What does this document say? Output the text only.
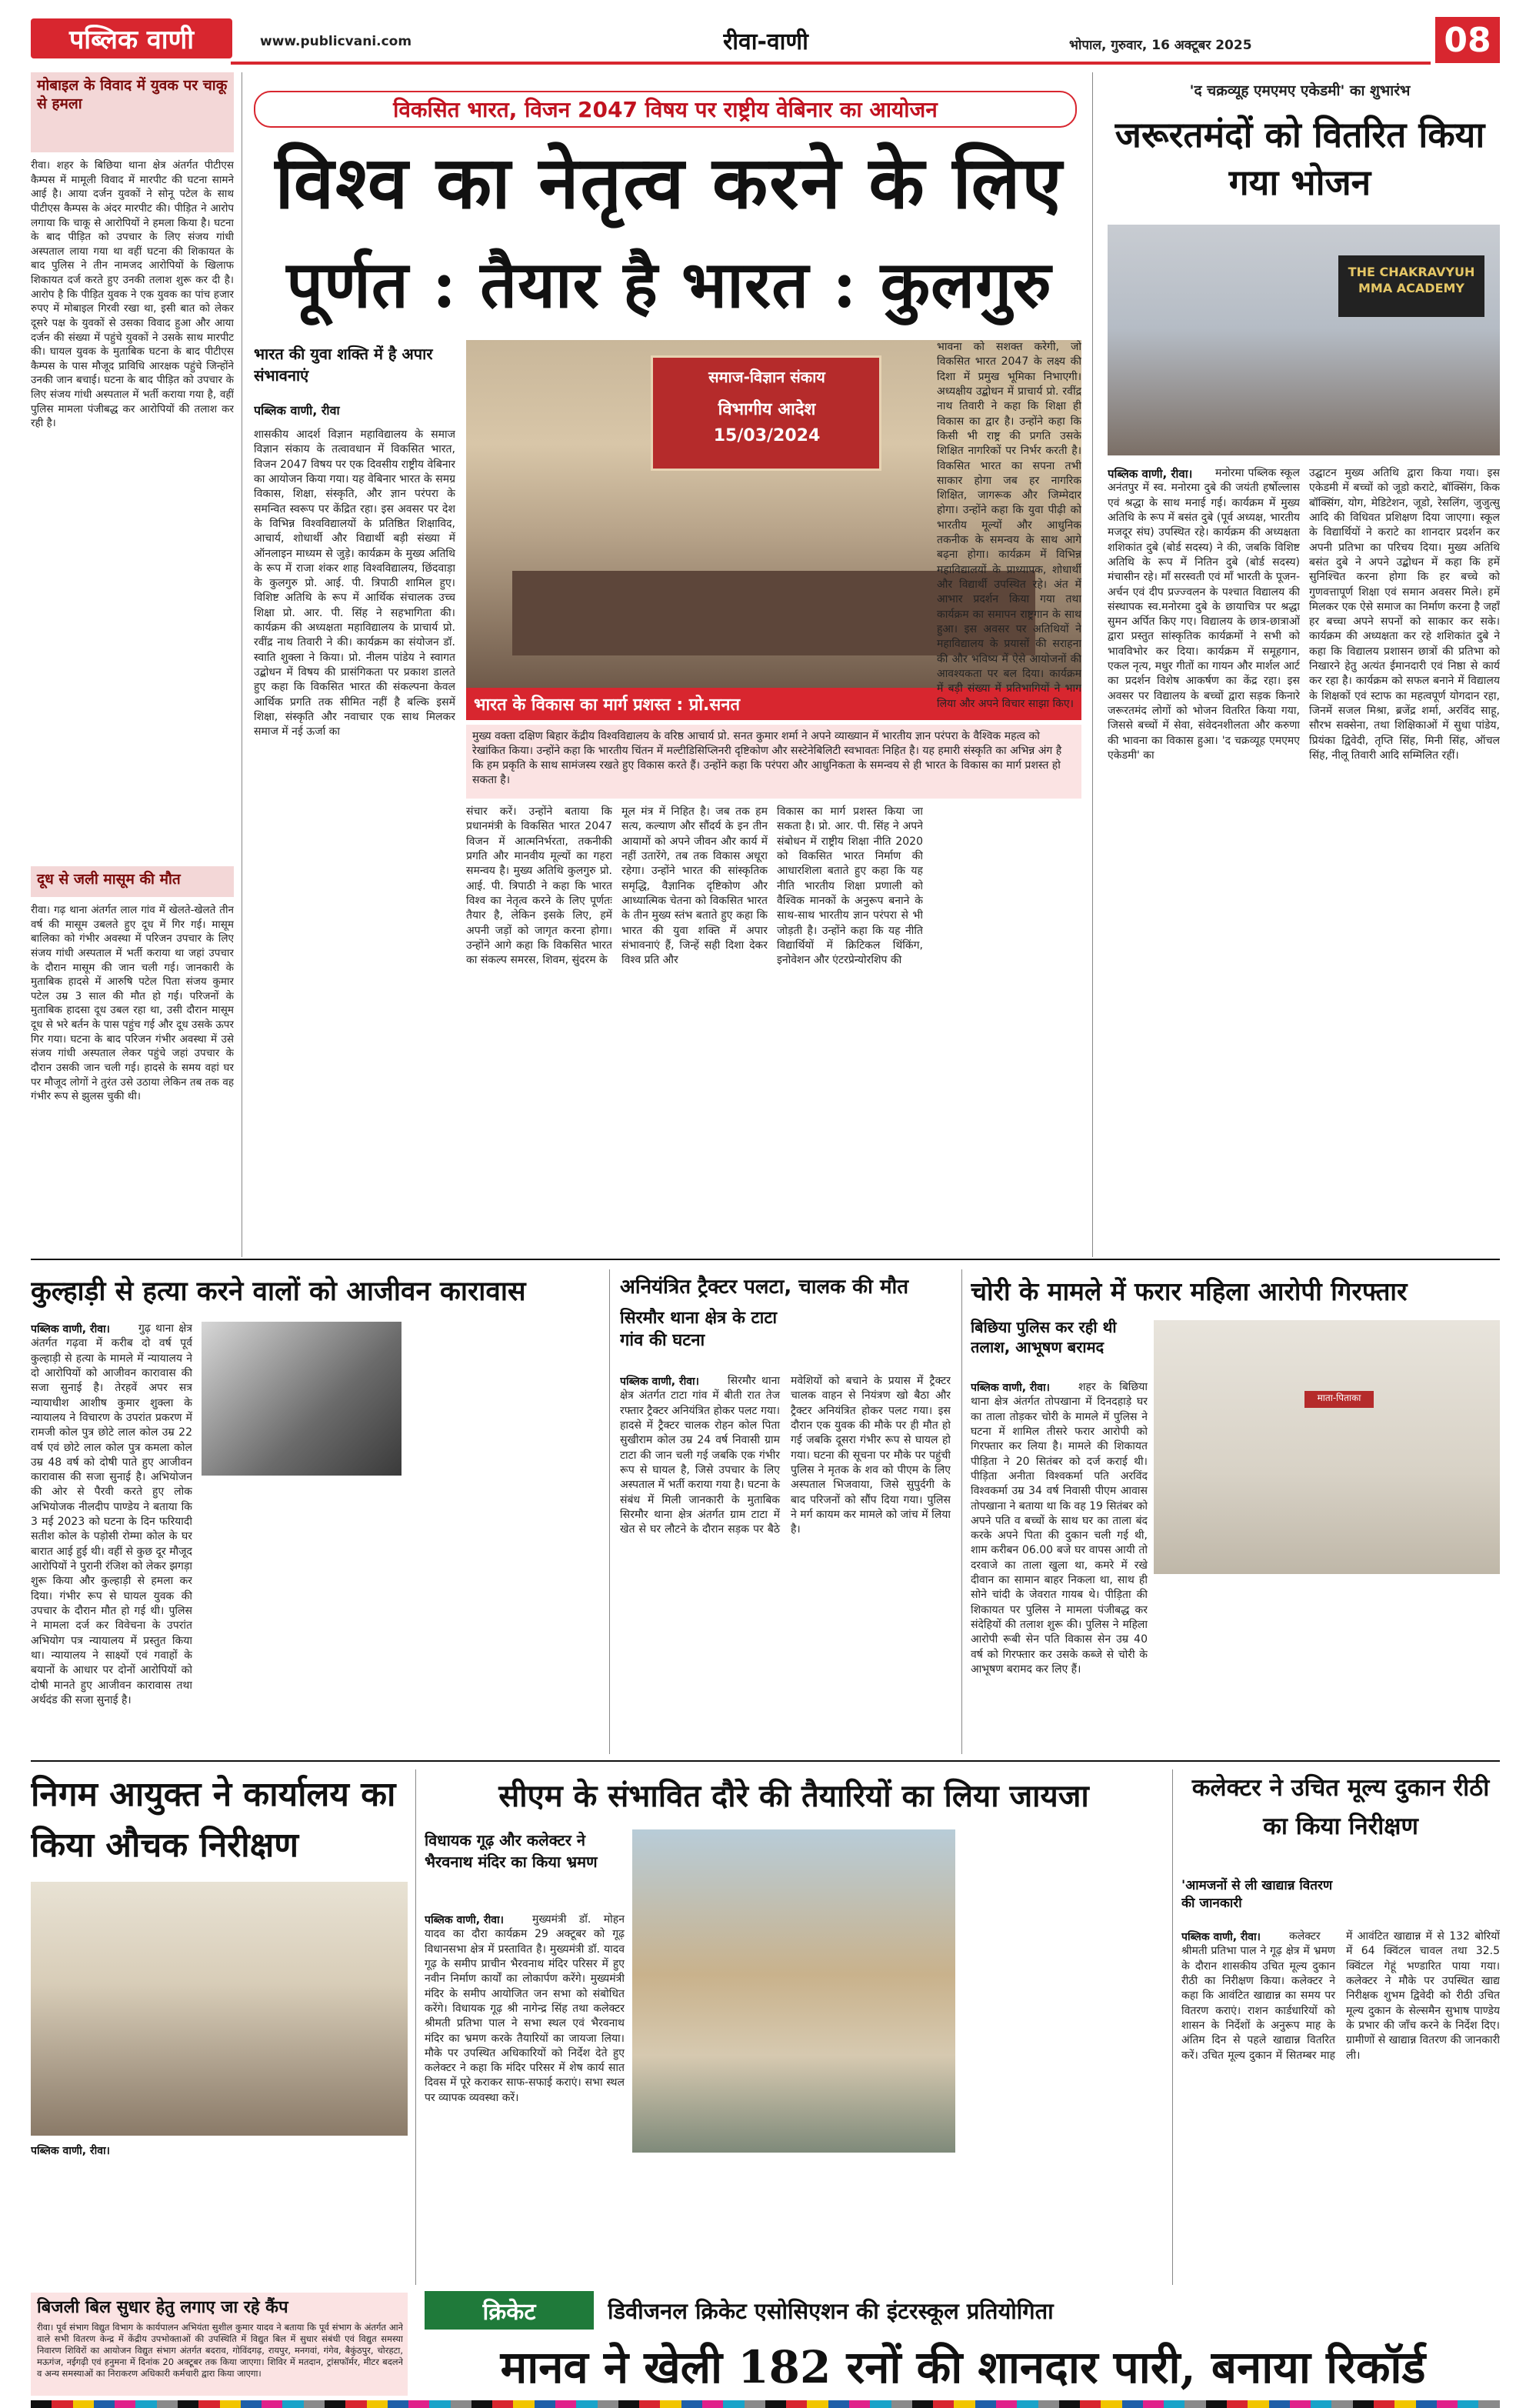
पब्लिक वाणी	www.publicvani.com	रीवा-वाणी	भोपाल, गुरुवार, 16 अक्टूबर 2025	08
मोबाइल के विवाद में युवक पर चाकू से हमला
रीवा। शहर के बिछिया थाना क्षेत्र अंतर्गत पीटीएस कैम्पस में मामूली विवाद में मारपीट की घटना सामने आई है। आया दर्जन युवकों ने सोनू पटेल के साथ पीटीएस कैम्पस के अंदर मारपीट की। पीड़ित ने आरोप लगाया कि चाकू से आरोपियों ने हमला किया है। घटना के बाद पीड़ित को उपचार के लिए संजय गांधी अस्पताल लाया गया था वहीं घटना की शिकायत के बाद पुलिस ने तीन नामजद आरोपियों के खिलाफ शिकायत दर्ज करते हुए उनकी तलाश शुरू कर दी है। आरोप है कि पीड़ित युवक ने एक युवक का पांच हजार रुपए में मोबाइल गिरवी रखा था, इसी बात को लेकर दूसरे पक्ष के युवकों से उसका विवाद हुआ और आया दर्जन की संख्या में पहुंचे युवकों ने उसके साथ मारपीट की। घायल युवक के मुताबिक घटना के बाद पीटीएस कैम्पस के पास मौजूद प्राविधि आरक्षक पहुंचे जिन्होंने उनकी जान बचाई। घटना के बाद पीड़ित को उपचार के लिए संजय गांधी अस्पताल में भर्ती कराया गया है, वहीं पुलिस मामला पंजीबद्ध कर आरोपियों की तलाश कर रही है।
दूध से जली मासूम की मौत
रीवा। गढ़ थाना अंतर्गत लाल गांव में खेलते-खेलते तीन वर्ष की मासूम उबलते हुए दूध में गिर गई। मासूम बालिका को गंभीर अवस्था में परिजन उपचार के लिए संजय गांधी अस्पताल में भर्ती कराया था जहां उपचार के दौरान मासूम की जान चली गई। जानकारी के मुताबिक हादसे में आरुषि पटेल पिता संजय कुमार पटेल उम्र 3 साल की मौत हो गई। परिजनों के मुताबिक हादसा दूध उबल रहा था, उसी दौरान मासूम दूध से भरे बर्तन के पास पहुंच गई और दूध उसके ऊपर गिर गया। घटना के बाद परिजन गंभीर अवस्था में उसे संजय गांधी अस्पताल लेकर पहुंचे जहां उपचार के दौरान उसकी जान चली गई। हादसे के समय वहां घर पर मौजूद लोगों ने तुरंत उसे उठाया लेकिन तब तक वह गंभीर रूप से झुलस चुकी थी।
विकसित भारत, विजन 2047 विषय पर राष्ट्रीय वेबिनार का आयोजन
विश्व का नेतृत्व करने के लिए
पूर्णत : तैयार है भारत : कुलगुरु
भारत की युवा शक्ति में है अपार संभावनाएं
पब्लिक वाणी, रीवा
शासकीय आदर्श विज्ञान महाविद्यालय के समाज विज्ञान संकाय के तत्वावधान में विकसित भारत, विजन 2047 विषय पर एक दिवसीय राष्ट्रीय वेबिनार का आयोजन किया गया। यह वेबिनार भारत के समग्र विकास, शिक्षा, संस्कृति, और ज्ञान परंपरा के समन्वित स्वरूप पर केंद्रित रहा। इस अवसर पर देश के विभिन्न विश्वविद्यालयों के प्रतिष्ठित शिक्षाविद, आचार्य, शोधार्थी और विद्यार्थी बड़ी संख्या में ऑनलाइन माध्यम से जुड़े। कार्यक्रम के मुख्य अतिथि के रूप में राजा शंकर शाह विश्वविद्यालय, छिंदवाड़ा के कुलगुरु प्रो. आई. पी. त्रिपाठी शामिल हुए। विशिष्ट अतिथि के रूप में आर्थिक संचालक उच्च शिक्षा प्रो. आर. पी. सिंह ने सहभागिता की। कार्यक्रम की अध्यक्षता महाविद्यालय के प्राचार्य प्रो. रवींद्र नाथ तिवारी ने की। कार्यक्रम का संयोजन डॉ. स्वाति शुक्ला ने किया। प्रो. नीलम पांडेय ने स्वागत उद्बोधन में विषय की प्रासंगिकता पर प्रकाश डालते हुए कहा कि विकसित भारत की संकल्पना केवल आर्थिक प्रगति तक सीमित नहीं है बल्कि इसमें शिक्षा, संस्कृति और नवाचार एक साथ मिलकर समाज में नई ऊर्जा का
समाज-विज्ञान संकाय
विभागीय आदेश
15/03/2024
भारत के विकास का मार्ग प्रशस्त : प्रो.सनत
मुख्य वक्ता दक्षिण बिहार केंद्रीय विश्वविद्यालय के वरिष्ठ आचार्य प्रो. सनत कुमार शर्मा ने अपने व्याख्यान में भारतीय ज्ञान परंपरा के वैश्विक महत्व को रेखांकित किया। उन्होंने कहा कि भारतीय चिंतन में मल्टीडिसिप्लिनरी दृष्टिकोण और सस्टेनेबिलिटी स्वभावतः निहित है। यह हमारी संस्कृति का अभिन्न अंग है कि हम प्रकृति के साथ सामंजस्य रखते हुए विकास करते हैं। उन्होंने कहा कि परंपरा और आधुनिकता के समन्वय से ही भारत के विकास का मार्ग प्रशस्त हो सकता है।
संचार करें। उन्होंने बताया कि प्रधानमंत्री के विकसित भारत 2047 विजन में आत्मनिर्भरता, तकनीकी प्रगति और मानवीय मूल्यों का गहरा समन्वय है। मुख्य अतिथि कुलगुरु प्रो. आई. पी. त्रिपाठी ने कहा कि भारत विश्व का नेतृत्व करने के लिए पूर्णतः तैयार है, लेकिन इसके लिए, हमें अपनी जड़ों को जागृत करना होगा। उन्होंने आगे कहा कि विकसित भारत का संकल्प समरस, शिवम, सुंदरम के
मूल मंत्र में निहित है। जब तक हम सत्य, कल्याण और सौंदर्य के इन तीन आयामों को अपने जीवन और कार्य में नहीं उतारेंगे, तब तक विकास अधूरा रहेगा। उन्होंने भारत की सांस्कृतिक समृद्धि, वैज्ञानिक दृष्टिकोण और आध्यात्मिक चेतना को विकसित भारत के तीन मुख्य स्तंभ बताते हुए कहा कि भारत की युवा शक्ति में अपार संभावनाएं हैं, जिन्हें सही दिशा देकर विश्व प्रति और
विकास का मार्ग प्रशस्त किया जा सकता है। प्रो. आर. पी. सिंह ने अपने संबोधन में राष्ट्रीय शिक्षा नीति 2020 को विकसित भारत निर्माण की आधारशिला बताते हुए कहा कि यह नीति भारतीय शिक्षा प्रणाली को वैश्विक मानकों के अनुरूप बनाने के साथ-साथ भारतीय ज्ञान परंपरा से भी जोड़ती है। उन्होंने कहा कि यह नीति विद्यार्थियों में क्रिटिकल थिंकिंग, इनोवेशन और एंटरप्रेन्योरशिप की
भावना को सशक्त करेगी, जो विकसित भारत 2047 के लक्ष्य की दिशा में प्रमुख भूमिका निभाएगी। अध्यक्षीय उद्बोधन में प्राचार्य प्रो. रवींद्र नाथ तिवारी ने कहा कि शिक्षा ही विकास का द्वार है। उन्होंने कहा कि किसी भी राष्ट्र की प्रगति उसके शिक्षित नागरिकों पर निर्भर करती है। विकसित भारत का सपना तभी साकार होगा जब हर नागरिक शिक्षित, जागरूक और जिम्मेदार होगा। उन्होंने कहा कि युवा पीढ़ी को भारतीय मूल्यों और आधुनिक तकनीक के समन्वय के साथ आगे बढ़ना होगा। कार्यक्रम में विभिन्न महाविद्यालयों के प्राध्यापक, शोधार्थी और विद्यार्थी उपस्थित रहे। अंत में आभार प्रदर्शन किया गया तथा कार्यक्रम का समापन राष्ट्रगान के साथ हुआ। इस अवसर पर अतिथियों ने महाविद्यालय के प्रयासों की सराहना की और भविष्य में ऐसे आयोजनों की आवश्यकता पर बल दिया। कार्यक्रम में बड़ी संख्या में प्रतिभागियों ने भाग लिया और अपने विचार साझा किए।
'द चक्रव्यूह एमएमए एकेडमी' का शुभारंभ
जरूरतमंदों को वितरित किया गया भोजन
THE CHAKRAVYUH MMA ACADEMY
पब्लिक वाणी, रीवा।	मनोरमा पब्लिक स्कूल अनंतपुर में स्व. मनोरमा दुबे की जयंती हर्षोल्लास एवं श्रद्धा के साथ मनाई गई। कार्यक्रम में मुख्य अतिथि के रूप में बसंत दुबे (पूर्व अध्यक्ष, भारतीय मजदूर संघ) उपस्थित रहे। कार्यक्रम की अध्यक्षता शशिकांत दुबे (बोर्ड सदस्य) ने की, जबकि विशिष्ट अतिथि के रूप में नितिन दुबे (बोर्ड सदस्य) मंचासीन रहे। माँ सरस्वती एवं माँ भारती के पूजन-अर्चन एवं दीप प्रज्ज्वलन के पश्चात विद्यालय की संस्थापक स्व.मनोरमा दुबे के छायाचित्र पर श्रद्धा सुमन अर्पित किए गए। विद्यालय के छात्र-छात्राओं द्वारा प्रस्तुत सांस्कृतिक कार्यक्रमों ने सभी को भावविभोर कर दिया। कार्यक्रम में समूहगान, एकल नृत्य, मधुर गीतों का गायन और मार्शल आर्ट का प्रदर्शन विशेष आकर्षण का केंद्र रहा। इस अवसर पर विद्यालय के बच्चों द्वारा सड़क किनारे जरूरतमंद लोगों को भोजन वितरित किया गया, जिससे बच्चों में सेवा, संवेदनशीलता और करुणा की भावना का विकास हुआ। 'द चक्रव्यूह एमएमए एकेडमी' का
उद्घाटन मुख्य अतिथि द्वारा किया गया। इस एकेडमी में बच्चों को जूडो कराटे, बॉक्सिंग, किक बॉक्सिंग, योग, मेडिटेशन, जूडो, रेसलिंग, जुजुत्सु आदि की विधिवत प्रशिक्षण दिया जाएगा। स्कूल के विद्यार्थियों ने कराटे का शानदार प्रदर्शन कर अपनी प्रतिभा का परिचय दिया। मुख्य अतिथि बसंत दुबे ने अपने उद्बोधन में कहा कि हमें सुनिश्चित करना होगा कि हर बच्चे को गुणवत्तापूर्ण शिक्षा एवं समान अवसर मिले। हमें मिलकर एक ऐसे समाज का निर्माण करना है जहाँ हर बच्चा अपने सपनों को साकार कर सके। कार्यक्रम की अध्यक्षता कर रहे शशिकांत दुबे ने कहा कि विद्यालय प्रशासन छात्रों की प्रतिभा को निखारने हेतु अत्यंत ईमानदारी एवं निष्ठा से कार्य कर रहा है। कार्यक्रम को सफल बनाने में विद्यालय के शिक्षकों एवं स्टाफ का महत्वपूर्ण योगदान रहा, जिनमें सजल मिश्रा, ब्रजेंद्र शर्मा, अरविंद साहू, सौरभ सक्सेना, तथा शिक्षिकाओं में सुधा पांडेय, प्रियंका द्विवेदी, तृप्ति सिंह, मिनी सिंह, ऑचल सिंह, नीलू तिवारी आदि सम्मिलित रहीं।
कुल्हाड़ी से हत्या करने वालों को आजीवन कारावास
पब्लिक वाणी, रीवा।	गुढ़ थाना क्षेत्र अंतर्गत गढ़वा में करीब दो वर्ष पूर्व कुल्हाड़ी से हत्या के मामले में न्यायालय ने दो आरोपियों को आजीवन कारावास की सजा सुनाई है। तेरहवें अपर सत्र न्यायाधीश आशीष कुमार शुक्ला के न्यायालय ने विचारण के उपरांत प्रकरण में रामजी कोल पुत्र छोटे लाल कोल उम्र 22 वर्ष एवं छोटे लाल कोल पुत्र कमला कोल उम्र 48 वर्ष को दोषी पाते हुए आजीवन कारावास की सजा सुनाई है। अभियोजन की ओर से पैरवी करते हुए लोक अभियोजक नीलदीप पाण्डेय ने बताया कि 3 मई 2023 को घटना के दिन फरियादी सतीश कोल के पड़ोसी रोम्मा कोल के घर बारात आई हुई थी। वहीं से कुछ दूर मौजूद आरोपियों ने पुरानी रंजिश को लेकर झगड़ा शुरू किया और कुल्हाड़ी से हमला कर दिया। गंभीर रूप से घायल युवक की उपचार के दौरान मौत हो गई थी। पुलिस ने मामला दर्ज कर विवेचना के उपरांत अभियोग पत्र न्यायालय में प्रस्तुत किया था। न्यायालय ने साक्ष्यों एवं गवाहों के बयानों के आधार पर दोनों आरोपियों को दोषी मानते हुए आजीवन कारावास तथा अर्थदंड की सजा सुनाई है।
अनियंत्रित ट्रैक्टर पलटा, चालक की मौत
सिरमौर थाना क्षेत्र के टाटा गांव की घटना
पब्लिक वाणी, रीवा।	सिरमौर थाना क्षेत्र अंतर्गत टाटा गांव में बीती रात तेज रफ्तार ट्रैक्टर अनियंत्रित होकर पलट गया। हादसे में ट्रैक्टर चालक रोहन कोल पिता सुखीराम कोल उम्र 24 वर्ष निवासी ग्राम टाटा की जान चली गई जबकि एक गंभीर रूप से घायल है, जिसे उपचार के लिए अस्पताल में भर्ती कराया गया है। घटना के संबंध में मिली जानकारी के मुताबिक सिरमौर थाना क्षेत्र अंतर्गत ग्राम टाटा में खेत से घर लौटने के दौरान सड़क पर बैठे मवेशियों को बचाने के प्रयास में ट्रैक्टर चालक वाहन से नियंत्रण खो बैठा और ट्रैक्टर अनियंत्रित होकर पलट गया। इस दौरान एक युवक की मौके पर ही मौत हो गई जबकि दूसरा गंभीर रूप से घायल हो गया। घटना की सूचना पर मौके पर पहुंची पुलिस ने मृतक के शव को पीएम के लिए अस्पताल भिजवाया, जिसे सुपुर्दगी के बाद परिजनों को सौंप दिया गया। पुलिस ने मर्ग कायम कर मामले को जांच में लिया है।
चोरी के मामले में फरार महिला आरोपी गिरफ्तार
बिछिया पुलिस कर रही थी तलाश, आभूषण बरामद
माता-पिताका
पब्लिक वाणी, रीवा।	शहर के बिछिया थाना क्षेत्र अंतर्गत तोपखाना में दिनदहाड़े घर का ताला तोड़कर चोरी के मामले में पुलिस ने घटना में शामिल तीसरे फरार आरोपी को गिरफ्तार कर लिया है। मामले की शिकायत पीड़िता ने 20 सितंबर को दर्ज कराई थी। पीड़िता अनीता विश्वकर्मा पति अरविंद विश्वकर्मा उम्र 34 वर्ष निवासी पीएम आवास तोपखाना ने बताया था कि वह 19 सितंबर को अपने पति व बच्चों के साथ घर का ताला बंद करके अपने पिता की दुकान चली गई थी, शाम करीबन 06.00 बजे घर वापस आयी तो दरवाजे का ताला खुला था, कमरे में रखे दीवान का सामान बाहर निकला था, साथ ही सोने चांदी के जेवरात गायब थे। पीड़िता की शिकायत पर पुलिस ने मामला पंजीबद्ध कर संदेहियों की तलाश शुरू की। पुलिस ने महिला आरोपी रूबी सेन पति विकास सेन उम्र 40 वर्ष को गिरफ्तार कर उसके कब्जे से चोरी के आभूषण बरामद कर लिए हैं।
निगम आयुक्त ने कार्यालय का किया औचक निरीक्षण
पब्लिक वाणी, रीवा।
सीएम के संभावित दौरे की तैयारियों का लिया जायजा
विधायक गूढ़ और कलेक्टर ने भैरवनाथ मंदिर का किया भ्रमण
पब्लिक वाणी, रीवा।	मुख्यमंत्री डॉ. मोहन यादव का दौरा कार्यक्रम 29 अक्टूबर को गूढ़ विधानसभा क्षेत्र में प्रस्तावित है। मुख्यमंत्री डॉ. यादव गूढ़ के समीप प्राचीन भैरवनाथ मंदिर परिसर में हुए नवीन निर्माण कार्यों का लोकार्पण करेंगे। मुख्यमंत्री मंदिर के समीप आयोजित जन सभा को संबोधित करेंगे। विधायक गूढ़ श्री नागेन्द्र सिंह तथा कलेक्टर श्रीमती प्रतिभा पाल ने सभा स्थल एवं भैरवनाथ मंदिर का भ्रमण करके तैयारियों का जायजा लिया। मौके पर उपस्थित अधिकारियों को निर्देश देते हुए कलेक्टर ने कहा कि मंदिर परिसर में शेष कार्य सात दिवस में पूरे कराकर साफ-सफाई कराएं। सभा स्थल पर व्यापक व्यवस्था करें।
कलेक्टर ने उचित मूल्य दुकान रीठी का किया निरीक्षण
'आमजनों से ली खाद्यान्न वितरण की जानकारी
पब्लिक वाणी, रीवा।	कलेक्टर श्रीमती प्रतिभा पाल ने गूढ़ क्षेत्र में भ्रमण के दौरान शासकीय उचित मूल्य दुकान रीठी का निरीक्षण किया। कलेक्टर ने कहा कि आवंटित खाद्यान्न का समय पर वितरण कराएं। राशन कार्डधारियों को शासन के निर्देशों के अनुरूप माह के अंतिम दिन से पहले खाद्यान्न वितरित करें। उचित मूल्य दुकान में सितम्बर माह में आवंटित खाद्यान्न में से 132 बोरियों में 64 क्विंटल चावल तथा 32.5 क्विंटल गेहूं भण्डारित पाया गया। कलेक्टर ने मौके पर उपस्थित खाद्य निरीक्षक शुभम द्विवेदी को रीठी उचित मूल्य दुकान के सेल्समैन सुभाष पाण्डेय के प्रभार की जाँच करने के निर्देश दिए। ग्रामीणों से खाद्यान्न वितरण की जानकारी ली।
बिजली बिल सुधार हेतु लगाए जा रहे कैंप
रीवा। पूर्व संभाग विद्युत विभाग के कार्यपालन अभियंता सुशील कुमार यादव ने बताया कि पूर्व संभाग के अंतर्गत आने वाले सभी वितरण केन्द्र में केंद्रीय उपभोक्ताओं की उपस्थिति में विद्युत बिल में सुधार संबंधी एवं विद्युत समस्या निवारण शिविरों का आयोजन विद्युत संभाग अंतर्गत बदराव, गोविंदगढ़, रायपुर, मनगवां, गंगेव, बैकुंठपुर, चोरहटा, मऊगंज, नईगढ़ी एवं हनुमना में दिनांक 20 अक्टूबर तक किया जाएगा। शिविर में मतदान, ट्रांसफॉर्मर, मीटर बदलने व अन्य समस्याओं का निराकरण अधिकारी कर्मचारी द्वारा किया जाएगा।
क्रिकेट	डिवीजनल क्रिकेट एसोसिएशन की इंटरस्कूल प्रतियोगिता
मानव ने खेली 182 रनों की शानदार पारी, बनाया रिकॉर्ड
